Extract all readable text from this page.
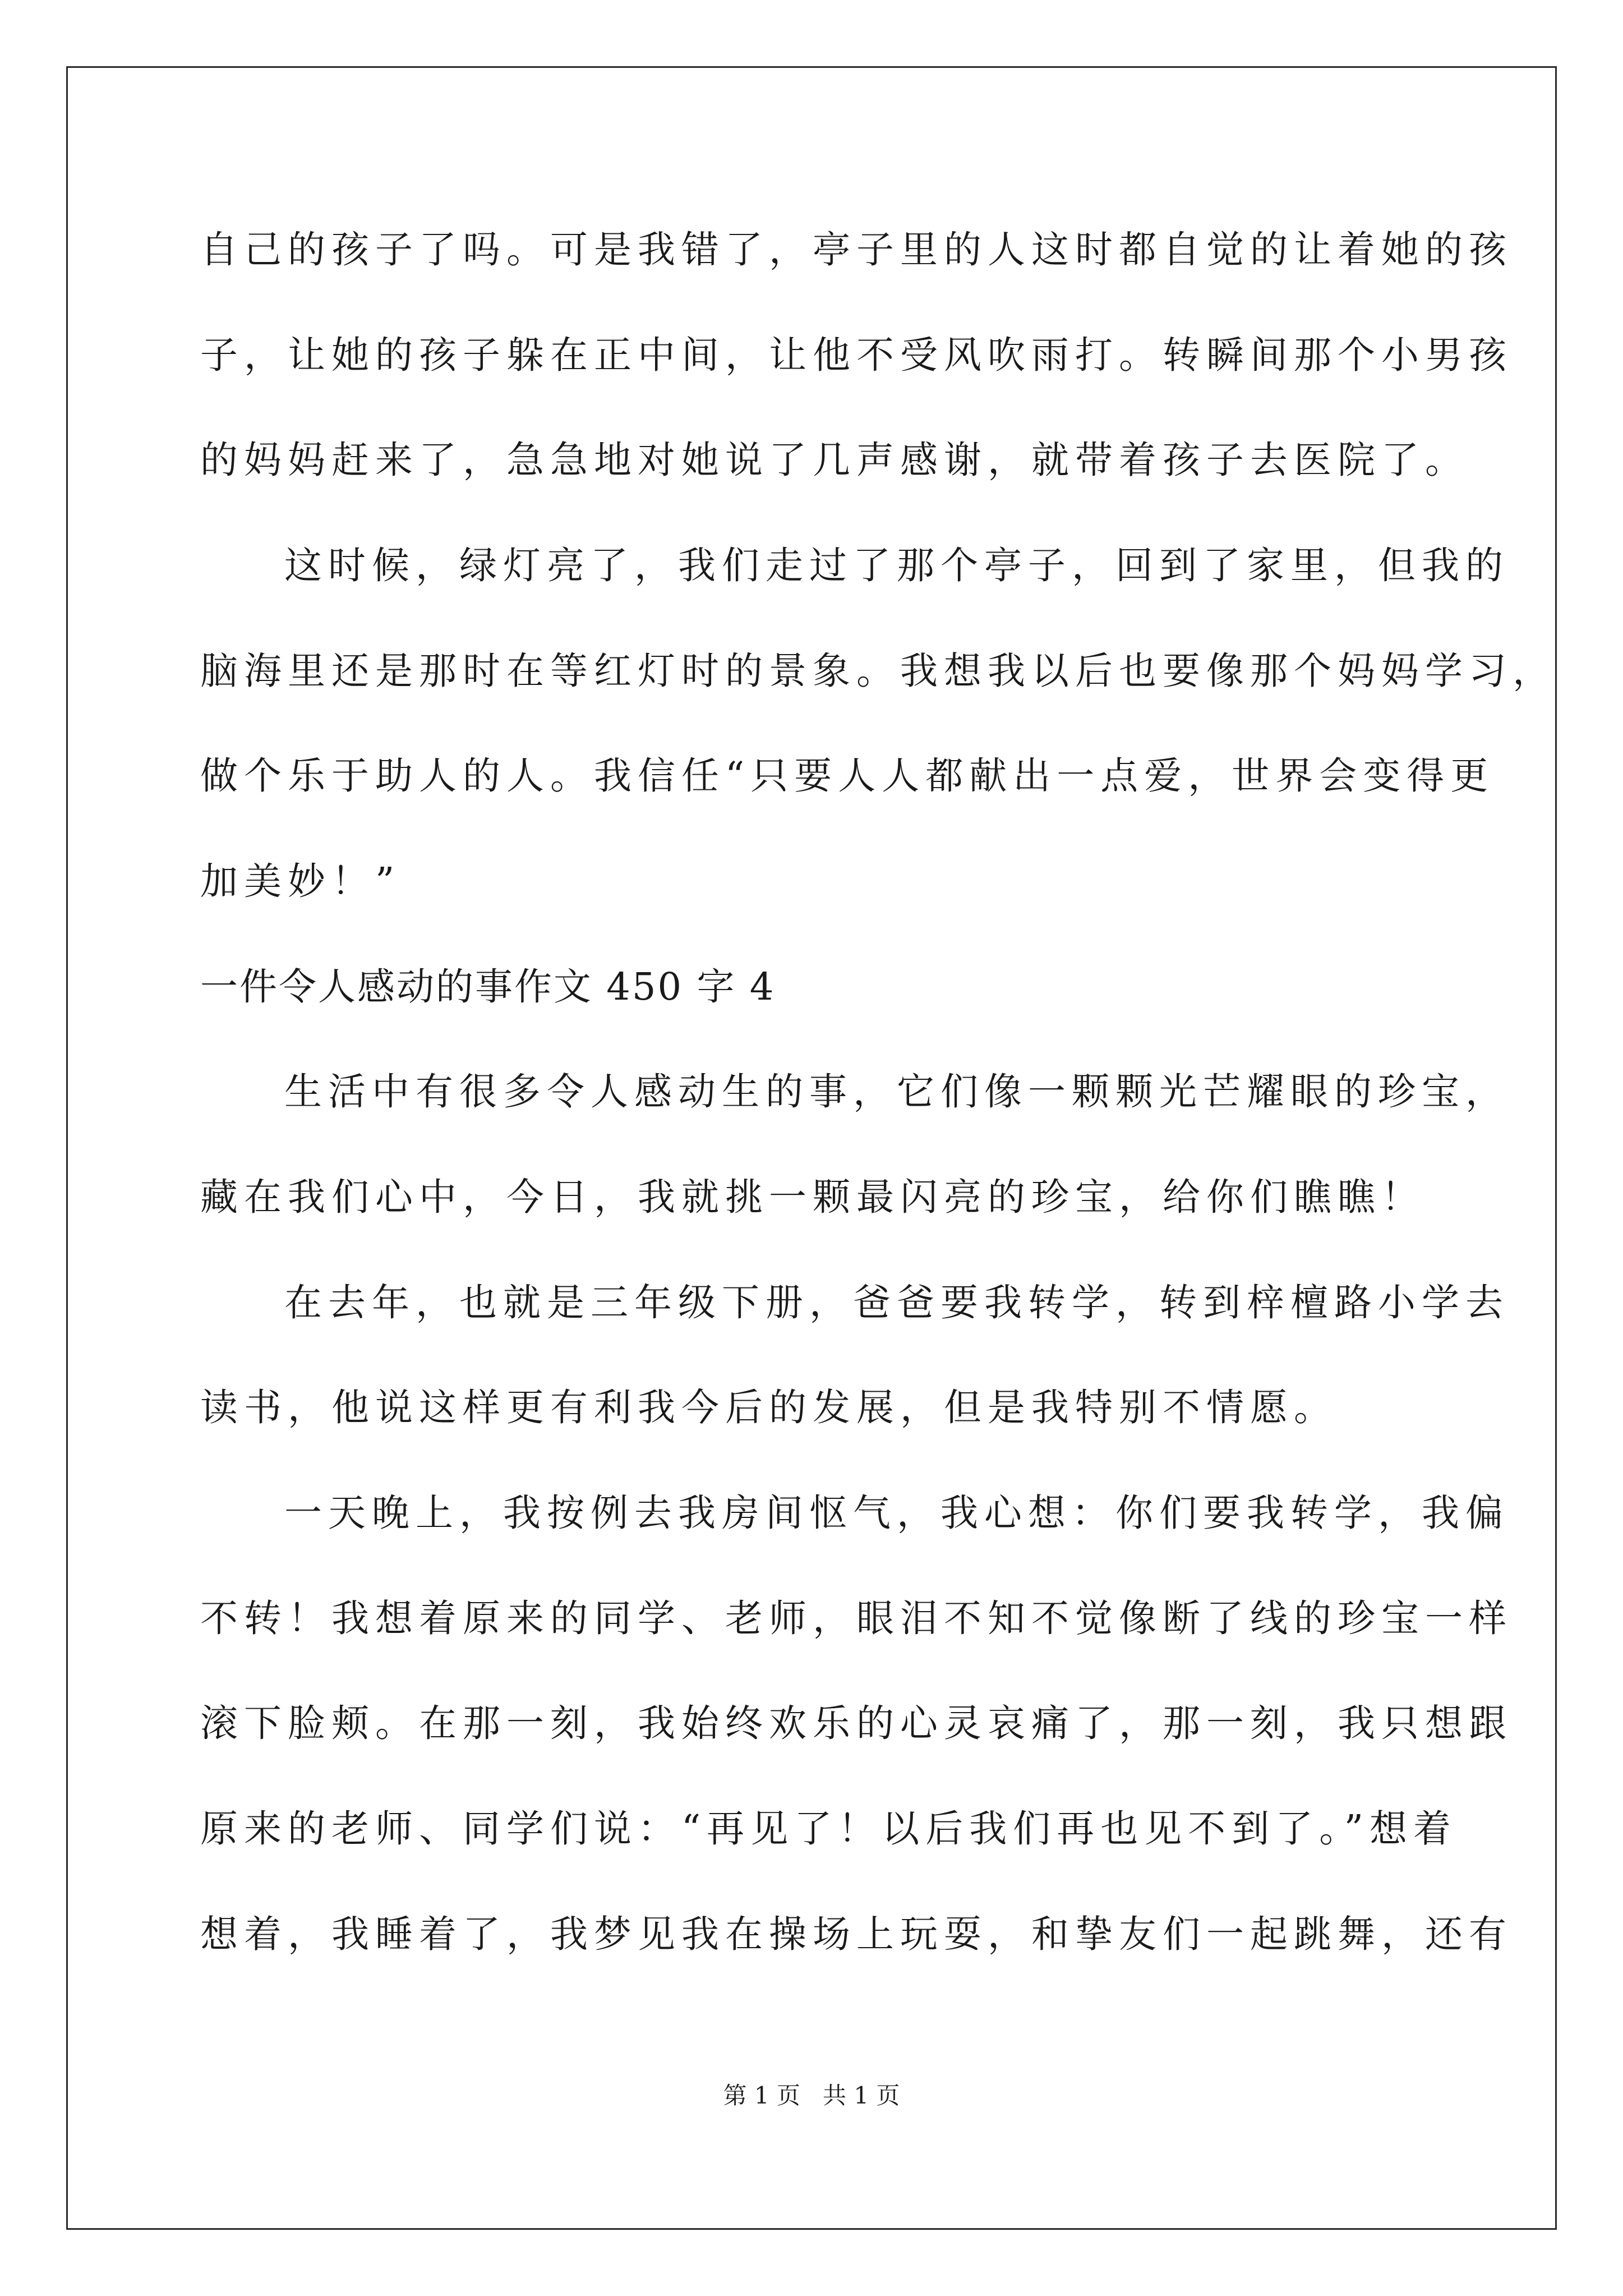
自己的孩子了吗。可是我错了，亭子里的人这时都自觉的让着她的孩
子，让她的孩子躲在正中间，让他不受风吹雨打。转瞬间那个小男孩
的妈妈赶来了，急急地对她说了几声感谢，就带着孩子去医院了。
这时候，绿灯亮了，我们走过了那个亭子，回到了家里，但我的
脑海里还是那时在等红灯时的景象。我想我以后也要像那个妈妈学习，
做个乐于助人的人。我信任“只要人人都献出一点爱，世界会变得更
加美妙！”
一件令人感动的事作文 450 字 4
生活中有很多令人感动生的事，它们像一颗颗光芒耀眼的珍宝，
藏在我们心中，今日，我就挑一颗最闪亮的珍宝，给你们瞧瞧！
在去年，也就是三年级下册，爸爸要我转学，转到梓檀路小学去
读书，他说这样更有利我今后的发展，但是我特别不情愿。
一天晚上，我按例去我房间怄气，我心想：你们要我转学，我偏
不转！我想着原来的同学、老师，眼泪不知不觉像断了线的珍宝一样
滚下脸颊。在那一刻，我始终欢乐的心灵哀痛了，那一刻，我只想跟
原来的老师、同学们说：“再见了！以后我们再也见不到了。”想着
想着，我睡着了，我梦见我在操场上玩耍，和挚友们一起跳舞，还有
第 1 页 共 1 页
